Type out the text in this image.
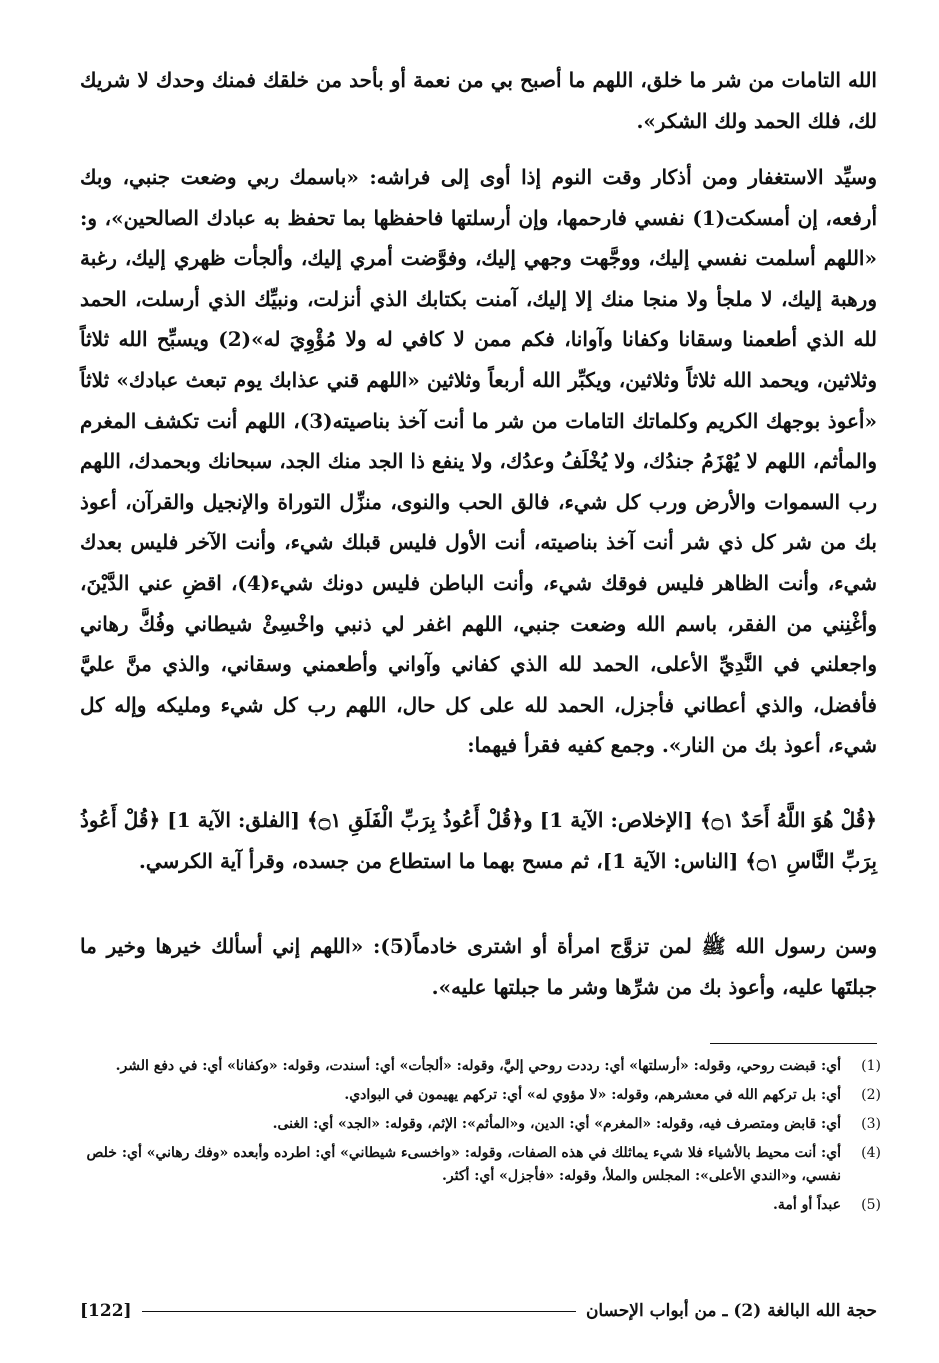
الله التامات من شر ما خلق، اللهم ما أصبح بي من نعمة أو بأحد من خلقك فمنك وحدك لا شريك لك، فلك الحمد ولك الشكر».

وسيِّد الاستغفار ومن أذكار وقت النوم إذا أوى إلى فراشه: «باسمك ربي وضعت جنبي، وبك أرفعه، إن أمسكت(1) نفسي فارحمها، وإن أرسلتها فاحفظها بما تحفظ به عبادك الصالحين»، و: «اللهم أسلمت نفسي إليك، ووجَّهت وجهي إليك، وفوَّضت أمري إليك، وألجأت ظهري إليك، رغبة ورهبة إليك، لا ملجأ ولا منجا منك إلا إليك، آمنت بكتابك الذي أنزلت، ونبيِّك الذي أرسلت، الحمد لله الذي أطعمنا وسقانا وكفانا وآوانا، فكم ممن لا كافي له ولا مُؤْوِيَ له»(2) ويسبِّح الله ثلاثاً وثلاثين، ويحمد الله ثلاثاً وثلاثين، ويكبِّر الله أربعاً وثلاثين «اللهم قني عذابك يوم تبعث عبادك» ثلاثاً «أعوذ بوجهك الكريم وكلماتك التامات من شر ما أنت آخذ بناصيته(3)، اللهم أنت تكشف المغرم والمأثم، اللهم لا يُهْزَمُ جندُك، ولا يُخْلَفُ وعدُك، ولا ينفع ذا الجد منك الجد، سبحانك وبحمدك، اللهم رب السموات والأرض ورب كل شيء، فالق الحب والنوى، منزِّل التوراة والإنجيل والقرآن، أعوذ بك من شر كل ذي شر أنت آخذ بناصيته، أنت الأول فليس قبلك شيء، وأنت الآخر فليس بعدك شيء، وأنت الظاهر فليس فوقك شيء، وأنت الباطن فليس دونك شيء(4)، اقضِ عني الدَّيْنَ، وأغْنِني من الفقر، باسم الله وضعت جنبي، اللهم اغفر لي ذنبي واخْسِئْ شيطاني وفُكَّ رهاني واجعلني في النَّدِيِّ الأعلى، الحمد لله الذي كفاني وآواني وأطعمني وسقاني، والذي منَّ عليَّ فأفضل، والذي أعطاني فأجزل، الحمد لله على كل حال، اللهم رب كل شيء ومليكه وإله كل شيء، أعوذ بك من النار». وجمع كفيه فقرأ فيهما:

﴿قُلْ هُوَ اللَّهُ أَحَدٌ ۝١﴾ [الإخلاص: الآية 1] و﴿قُلْ أَعُوذُ بِرَبِّ الْفَلَقِ ۝١﴾ [الفلق: الآية 1] ﴿قُلْ أَعُوذُ بِرَبِّ النَّاسِ ۝١﴾ [الناس: الآية 1]، ثم مسح بهما ما استطاع من جسده، وقرأ آية الكرسي.

وسن رسول الله ﷺ لمن تزوَّج امرأة أو اشترى خادماً(5): «اللهم إني أسألك خيرها وخير ما جبلتَها عليه، وأعوذ بك من شرِّها وشر ما جبلتها عليه».

(1)
أي: قبضت روحي، وقوله: «أرسلتها» أي: رددت روحي إليَّ، وقوله: «ألجأت» أي: أسندت، وقوله: «وكفانا» أي: في دفع الشر.
(2)
أي: بل تركهم الله في معشرهم، وقوله: «لا مؤوي له» أي: تركهم يهيمون في البوادي.
(3)
أي: قابض ومتصرف فيه، وقوله: «المغرم» أي: الدين، و«المأثم»: الإثم، وقوله: «الجد» أي: الغنى.
(4)
أي: أنت محيط بالأشياء فلا شيء يماثلك في هذه الصفات، وقوله: «واخسىء شيطاني» أي: اطرده وأبعده «وفك رهاني» أي: خلص نفسي، و«الندي الأعلى»: المجلس والملأ، وقوله: «فأجزل» أي: أكثر.
(5)
عبداً أو أمة.
حجة الله البالغة (2) ـ من أبواب الإحسان
[122]
